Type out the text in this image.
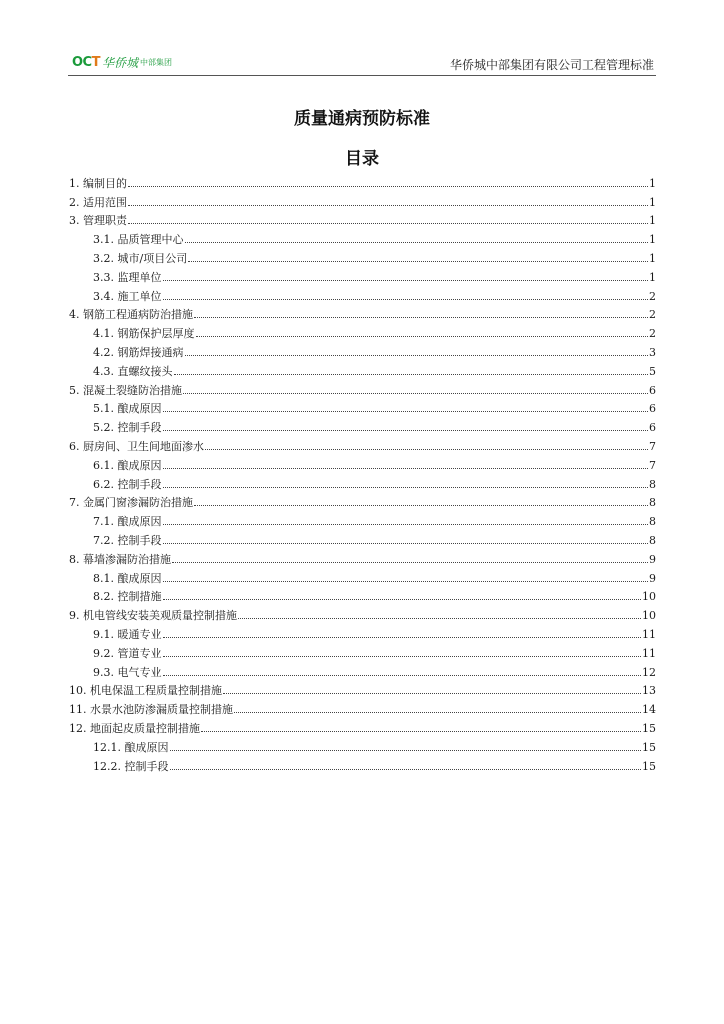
OCT 华侨城 中部集团	华侨城中部集团有限公司工程管理标准
质量通病预防标准
目录
1. 编制目的	1
2. 适用范围	1
3. 管理职责	1
3.1. 品质管理中心	1
3.2. 城市/项目公司	1
3.3. 监理单位	1
3.4. 施工单位	2
4. 钢筋工程通病防治措施	2
4.1. 钢筋保护层厚度	2
4.2. 钢筋焊接通病	3
4.3. 直螺纹接头	5
5. 混凝土裂缝防治措施	6
5.1. 酿成原因	6
5.2. 控制手段	6
6. 厨房间、卫生间地面渗水	7
6.1. 酿成原因	7
6.2. 控制手段	8
7. 金属门窗渗漏防治措施	8
7.1. 酿成原因	8
7.2. 控制手段	8
8. 幕墙渗漏防治措施	9
8.1. 酿成原因	9
8.2. 控制措施	10
9. 机电管线安装美观质量控制措施	10
9.1. 暖通专业	11
9.2. 管道专业	11
9.3. 电气专业	12
10. 机电保温工程质量控制措施	13
11. 水景水池防渗漏质量控制措施	14
12. 地面起皮质量控制措施	15
12.1. 酿成原因	15
12.2. 控制手段	15
